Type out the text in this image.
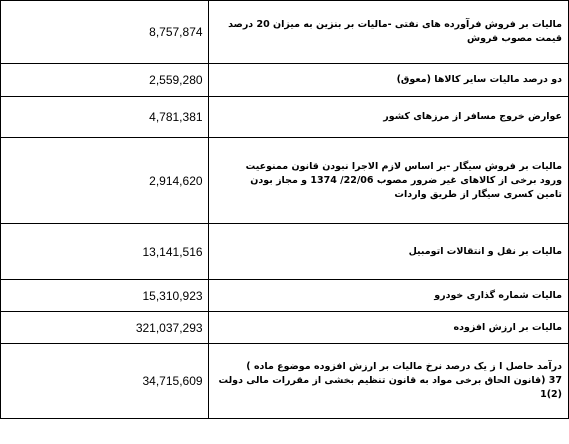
8,757,874	مالیات بر فروش فرآورده های نفتی -مالیات بر بنزین به میزان 20 درصد
قیمت مصوب فروش

2,559,280	دو درصد مالیات سایر کالاها (معوق)

4,781,381	عوارض خروج مسافر از مرزهای کشور

2,914,620	مالیات بر فروش سیگار -بر اساس لازم الاجرا نبودن قانون ممنوعیت
ورود برخی از کالاهای غیر ضرور مصوب 22/06/ 1374 و مجاز بودن
تامین کسری سیگار از طریق واردات

13,141,516	مالیات بر نقل و انتقالات اتومبیل

15,310,923	مالیات شماره گذاری خودرو

321,037,293	مالیات بر ارزش افزوده

34,715,609	درآمد حاصل ا ز یک درصد نرخ مالیات بر ارزش افزوده موضوع ماده )
37 (قانون الحاق برخی مواد به قانون تنظیم بخشی از مقررات مالی دولت
(2)1
